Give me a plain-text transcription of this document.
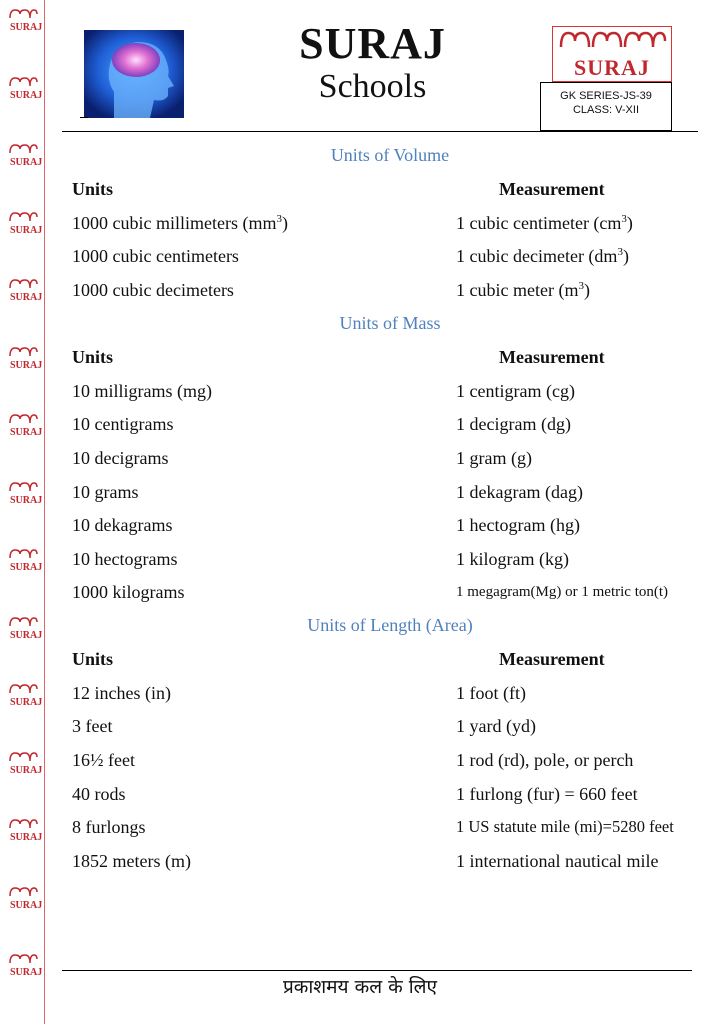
SURAJ
SURAJ
SURAJ
SURAJ
SURAJ
SURAJ
SURAJ
SURAJ
SURAJ
SURAJ
SURAJ
SURAJ
SURAJ
SURAJ
SURAJ
SURAJ
Schools
SURAJ
GK SERIES-JS-39
CLASS: V-XII
Units of Volume
Units	Measurement
1000 cubic millimeters $(mm^3)$	1 cubic centimeter $(cm^3)$
1000 cubic centimeters	1 cubic decimeter $(dm^3)$
1000 cubic decimeters	1 cubic meter $(m^3)$
Units of Mass
Units	Measurement
10 milligrams (mg)	1 centigram (cg)
10 centigrams	1 decigram (dg)
10 decigrams	1 gram (g)
10 grams	1 dekagram (dag)
10 dekagrams	1 hectogram (hg)
10 hectograms	1 kilogram (kg)
1000 kilograms	1 megagram(Mg) or 1 metric ton(t)
Units of Length (Area)
Units	Measurement
12 inches (in)	1 foot (ft)
3 feet	1 yard (yd)
16½ feet	1 rod (rd), pole, or perch
40 rods	1 furlong (fur) = 660 feet
8 furlongs	1 US statute mile (mi)=5280 feet
1852 meters (m)	1 international nautical mile
प्रकाशमय कल के लिए
